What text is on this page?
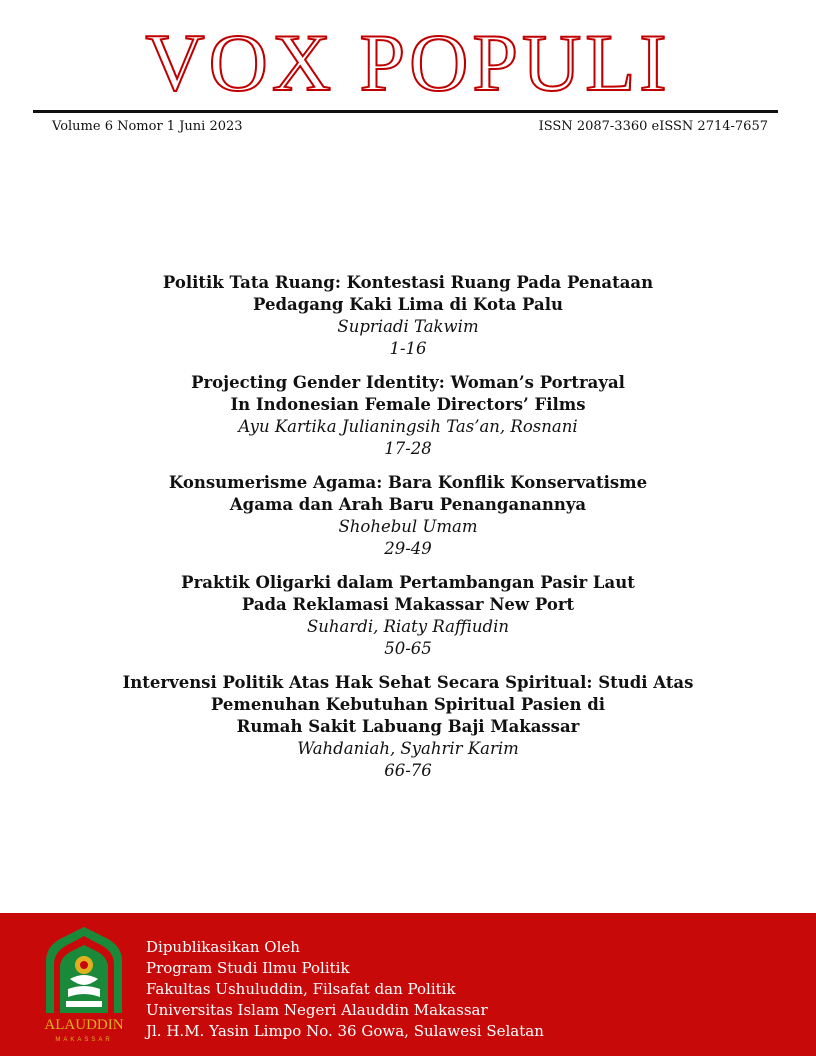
VOX POPULI
Volume 6 Nomor 1 Juni 2023	ISSN 2087-3360 eISSN 2714-7657
Politik Tata Ruang: Kontestasi Ruang Pada Penataan
Pedagang Kaki Lima di Kota Palu
Supriadi Takwim
1-16
Projecting Gender Identity: Woman’s Portrayal
In Indonesian Female Directors’ Films
Ayu Kartika Julianingsih Tas’an, Rosnani
17-28
Konsumerisme Agama: Bara Konflik Konservatisme
Agama dan Arah Baru Penanganannya
Shohebul Umam
29-49
Praktik Oligarki dalam Pertambangan Pasir Laut
Pada Reklamasi Makassar New Port
Suhardi, Riaty Raffiudin
50-65
Intervensi Politik Atas Hak Sehat Secara Spiritual: Studi Atas
Pemenuhan Kebutuhan Spiritual Pasien di
Rumah Sakit Labuang Baji Makassar
Wahdaniah, Syahrir Karim
66-76
ALAUDDIN
MAKASSAR
Dipublikasikan Oleh
Program Studi Ilmu Politik
Fakultas Ushuluddin, Filsafat dan Politik
Universitas Islam Negeri Alauddin Makassar
Jl. H.M. Yasin Limpo No. 36 Gowa, Sulawesi Selatan
